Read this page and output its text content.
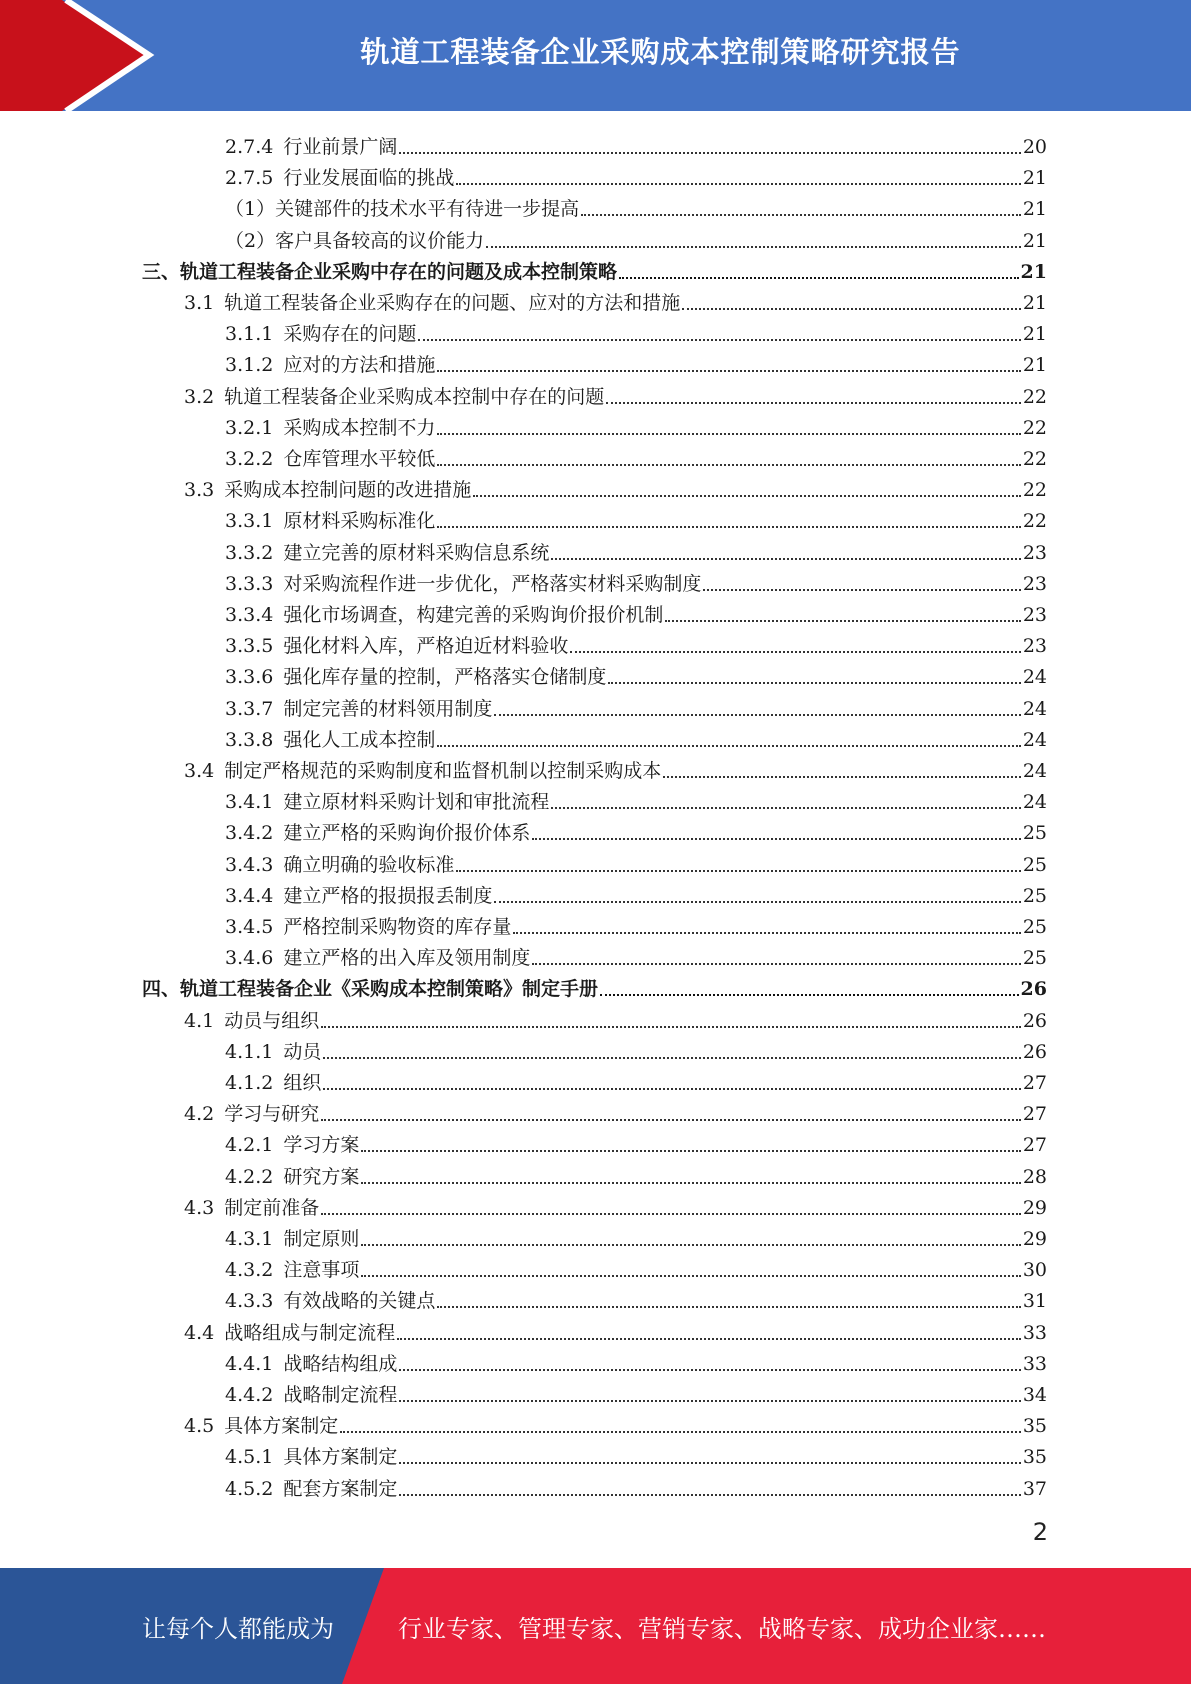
轨道工程装备企业采购成本控制策略研究报告
2.7.4 行业前景广阔	20
2.7.5 行业发展面临的挑战	21
（1）关键部件的技术水平有待进一步提高	21
（2）客户具备较高的议价能力	21
三、轨道工程装备企业采购中存在的问题及成本控制策略	21
3.1 轨道工程装备企业采购存在的问题、应对的方法和措施	21
3.1.1 采购存在的问题	21
3.1.2 应对的方法和措施	21
3.2 轨道工程装备企业采购成本控制中存在的问题	22
3.2.1 采购成本控制不力	22
3.2.2 仓库管理水平较低	22
3.3 采购成本控制问题的改进措施	22
3.3.1 原材料采购标准化	22
3.3.2 建立完善的原材料采购信息系统	23
3.3.3 对采购流程作进一步优化，严格落实材料采购制度	23
3.3.4 强化市场调查，构建完善的采购询价报价机制	23
3.3.5 强化材料入库，严格迫近材料验收	23
3.3.6 强化库存量的控制，严格落实仓储制度	24
3.3.7 制定完善的材料领用制度	24
3.3.8 强化人工成本控制	24
3.4 制定严格规范的采购制度和监督机制以控制采购成本	24
3.4.1 建立原材料采购计划和审批流程	24
3.4.2 建立严格的采购询价报价体系	25
3.4.3 确立明确的验收标准	25
3.4.4 建立严格的报损报丢制度	25
3.4.5 严格控制采购物资的库存量	25
3.4.6 建立严格的出入库及领用制度	25
四、轨道工程装备企业《采购成本控制策略》制定手册	26
4.1 动员与组织	26
4.1.1 动员	26
4.1.2 组织	27
4.2 学习与研究	27
4.2.1 学习方案	27
4.2.2 研究方案	28
4.3 制定前准备	29
4.3.1 制定原则	29
4.3.2 注意事项	30
4.3.3 有效战略的关键点	31
4.4 战略组成与制定流程	33
4.4.1 战略结构组成	33
4.4.2 战略制定流程	34
4.5 具体方案制定	35
4.5.1 具体方案制定	35
4.5.2 配套方案制定	37
2
让每个人都能成为	行业专家、管理专家、营销专家、战略专家、成功企业家……
